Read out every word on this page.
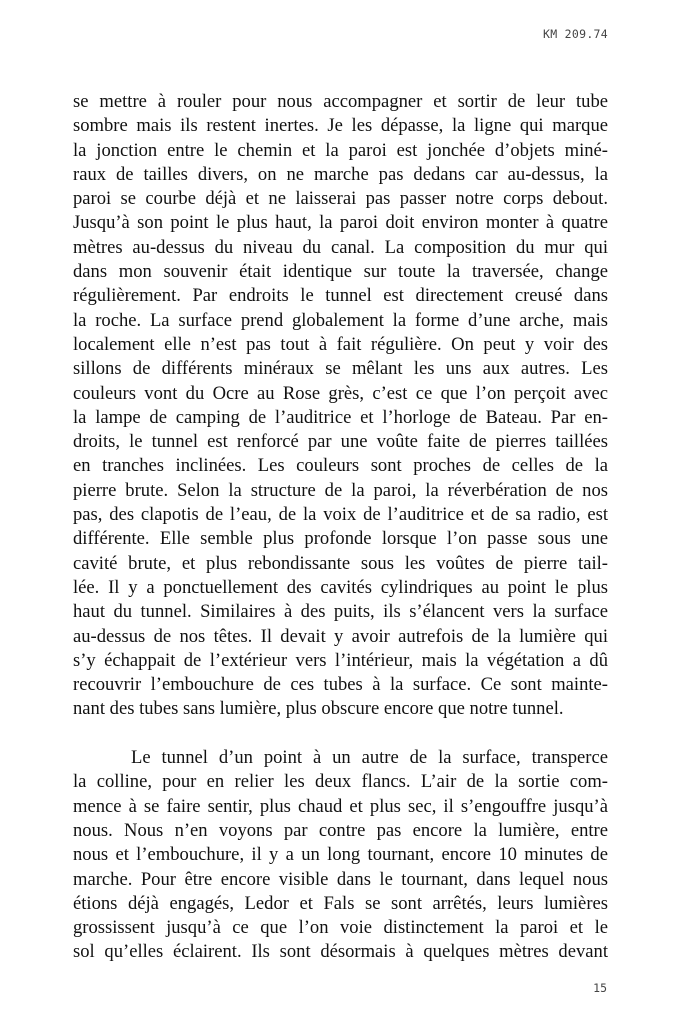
KM 209.74
se mettre à rouler pour nous accompagner et sortir de leur tube
sombre mais ils restent inertes. Je les dépasse, la ligne qui marque
la jonction entre le chemin et la paroi est jonchée d’objets miné-
raux de tailles divers, on ne marche pas dedans car au-dessus, la
paroi se courbe déjà et ne laisserai pas passer notre corps debout.
Jusqu’à son point le plus haut, la paroi doit environ monter à quatre
mètres au-dessus du niveau du canal. La composition du mur qui
dans mon souvenir était identique sur toute la traversée, change
régulièrement. Par endroits le tunnel est directement creusé dans
la roche. La surface prend globalement la forme d’une arche, mais
localement elle n’est pas tout à fait régulière. On peut y voir des
sillons de différents minéraux se mêlant les uns aux autres. Les
couleurs vont du Ocre au Rose grès, c’est ce que l’on perçoit avec
la lampe de camping de l’auditrice et l’horloge de Bateau. Par en-
droits, le tunnel est renforcé par une voûte faite de pierres taillées
en tranches inclinées. Les couleurs sont proches de celles de la
pierre brute. Selon la structure de la paroi, la réverbération de nos
pas, des clapotis de l’eau, de la voix de l’auditrice et de sa radio, est
différente. Elle semble plus profonde lorsque l’on passe sous une
cavité brute, et plus rebondissante sous les voûtes de pierre tail-
lée. Il y a ponctuellement des cavités cylindriques au point le plus
haut du tunnel. Similaires à des puits, ils s’élancent vers la surface
au-dessus de nos têtes. Il devait y avoir autrefois de la lumière qui
s’y échappait de l’extérieur vers l’intérieur, mais la végétation a dû
recouvrir l’embouchure de ces tubes à la surface. Ce sont mainte-
nant des tubes sans lumière, plus obscure encore que notre tunnel.
Le tunnel d’un point à un autre de la surface, transperce
la colline, pour en relier les deux flancs. L’air de la sortie com-
mence à se faire sentir, plus chaud et plus sec, il s’engouffre jusqu’à
nous. Nous n’en voyons par contre pas encore la lumière, entre
nous et l’embouchure, il y a un long tournant, encore 10 minutes de
marche. Pour être encore visible dans le tournant, dans lequel nous
étions déjà engagés, Ledor et Fals se sont arrêtés, leurs lumières
grossissent jusqu’à ce que l’on voie distinctement la paroi et le
sol qu’elles éclairent. Ils sont désormais à quelques mètres devant
15
